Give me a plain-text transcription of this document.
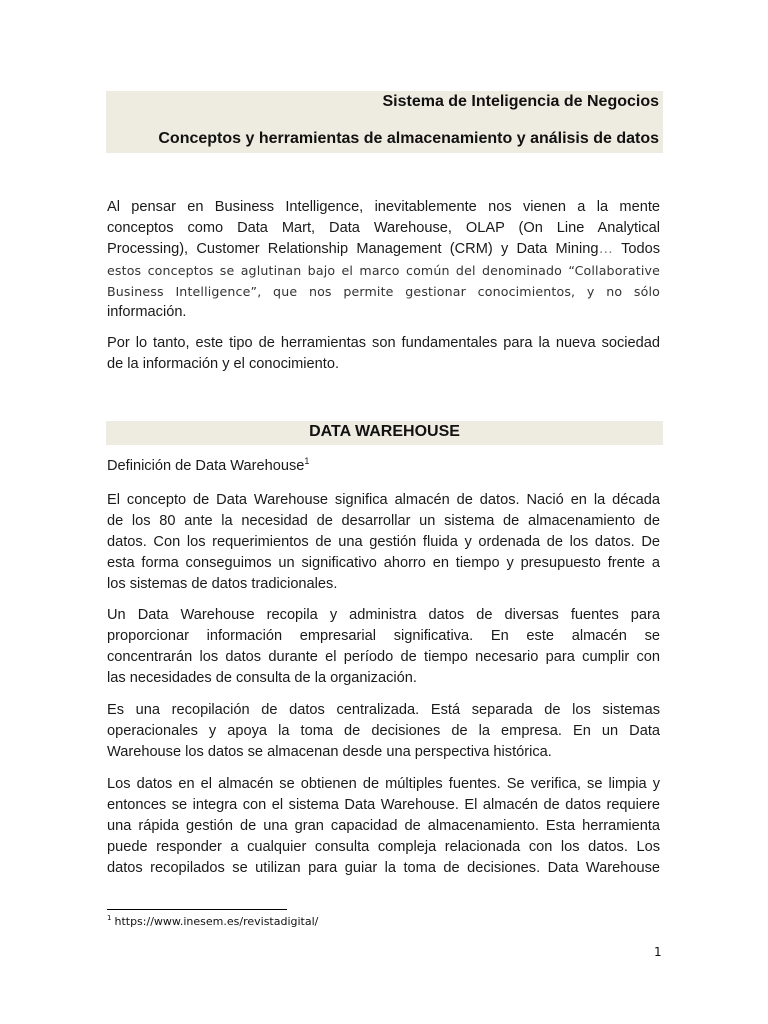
Sistema de Inteligencia de Negocios
Conceptos y herramientas de almacenamiento y análisis de datos
Al pensar en Business Intelligence, inevitablemente nos vienen a la mente
conceptos como Data Mart, Data Warehouse, OLAP (On Line Analytical
Processing), Customer Relationship Management (CRM) y Data Mining… Todos
estos conceptos se aglutinan bajo el marco común del denominado “Collaborative
Business Intelligence”, que nos permite gestionar conocimientos, y no sólo
información.
Por lo tanto, este tipo de herramientas son fundamentales para la nueva sociedad
de la información y el conocimiento.
DATA WAREHOUSE
Definición de Data Warehouse$^1$
El concepto de Data Warehouse significa almacén de datos. Nació en la década
de los 80 ante la necesidad de desarrollar un sistema de almacenamiento de
datos. Con los requerimientos de una gestión fluida y ordenada de los datos. De
esta forma conseguimos un significativo ahorro en tiempo y presupuesto frente a
los sistemas de datos tradicionales.
Un Data Warehouse recopila y administra datos de diversas fuentes para
proporcionar información empresarial significativa. En este almacén se
concentrarán los datos durante el período de tiempo necesario para cumplir con
las necesidades de consulta de la organización.
Es una recopilación de datos centralizada. Está separada de los sistemas
operacionales y apoya la toma de decisiones de la empresa. En un Data
Warehouse los datos se almacenan desde una perspectiva histórica.
Los datos en el almacén se obtienen de múltiples fuentes. Se verifica, se limpia y
entonces se integra con el sistema Data Warehouse. El almacén de datos requiere
una rápida gestión de una gran capacidad de almacenamiento. Esta herramienta
puede responder a cualquier consulta compleja relacionada con los datos. Los
datos recopilados se utilizan para guiar la toma de decisiones. Data Warehouse
$^1$ https://www.inesem.es/revistadigital/
1
